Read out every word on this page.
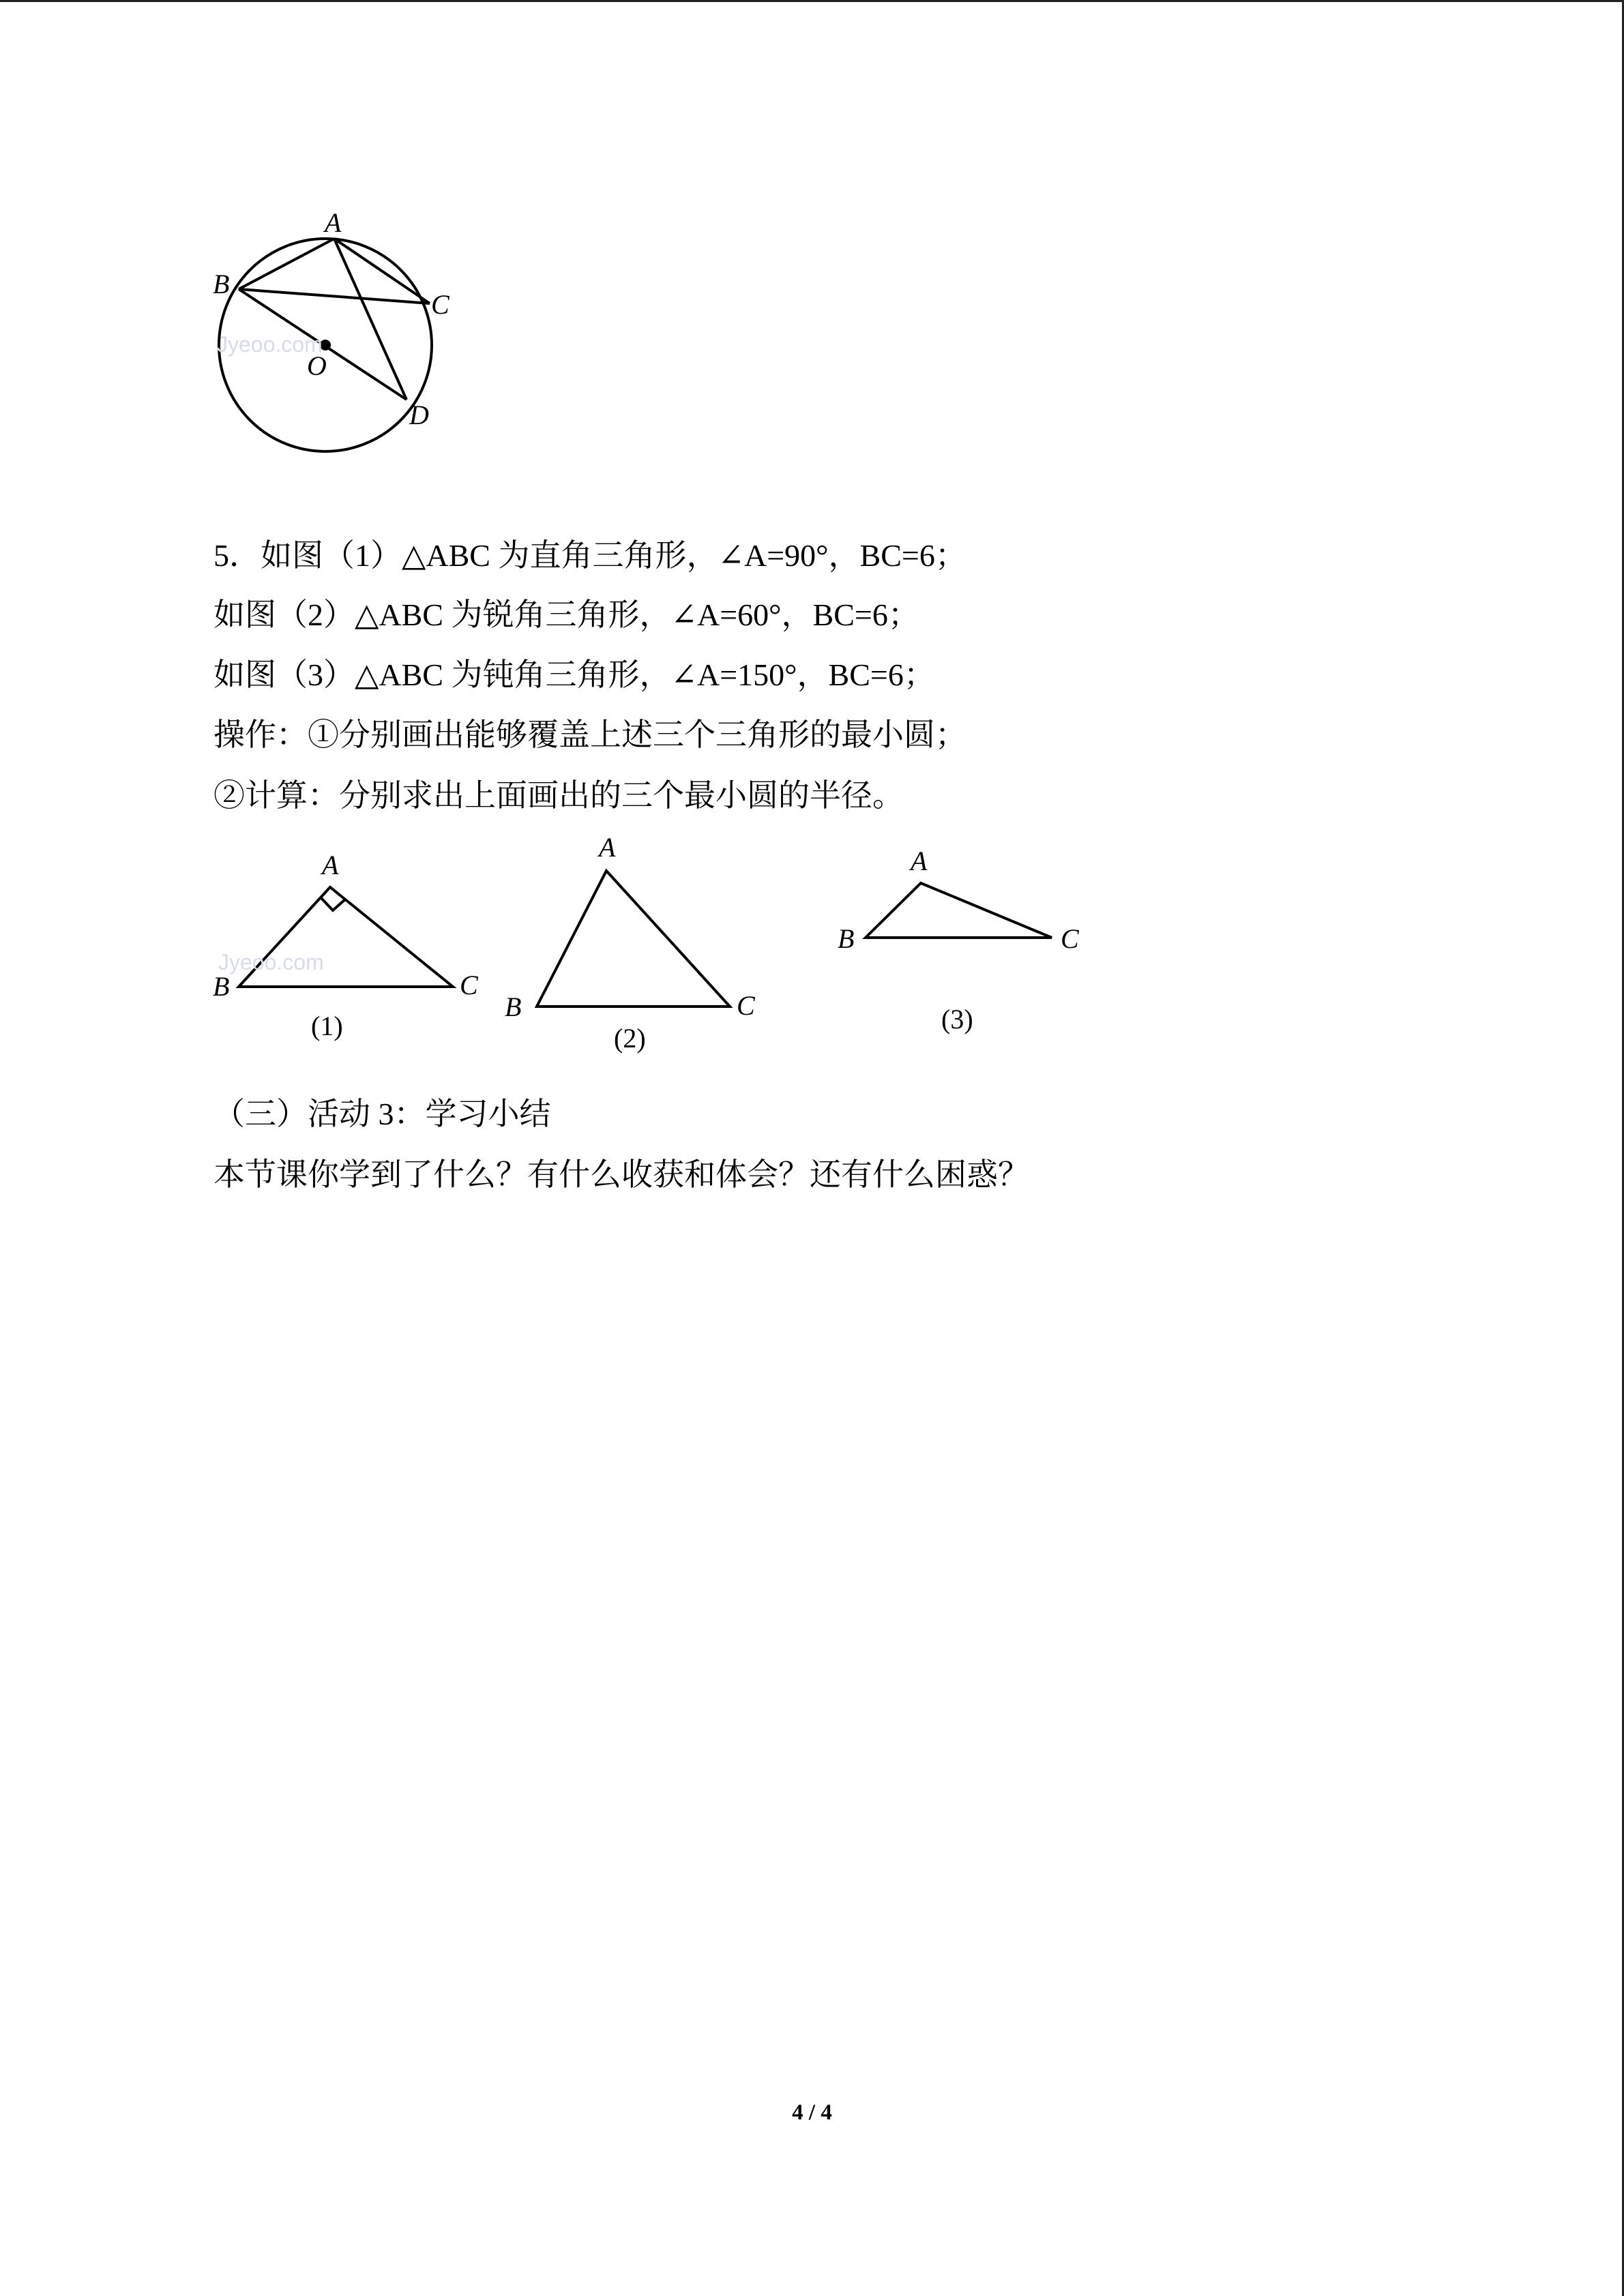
Jyeoo.com
A
B
C
D
O

5．如图（1）△ABC 为直角三角形，∠A=90°，BC=6；

如图（2）△ABC 为锐角三角形，∠A=60°，BC=6；

如图（3）△ABC 为钝角三角形，∠A=150°，BC=6；

操作：①分别画出能够覆盖上述三个三角形的最小圆；

②计算：分别求出上面画出的三个最小圆的半径。

Jyeoo.com
A
B	C
(1)
A
B	C
(2)
A
B	C
(3)

（三）活动 3：学习小结

本节课你学到了什么？有什么收获和体会？还有什么困惑？

4 / 4
